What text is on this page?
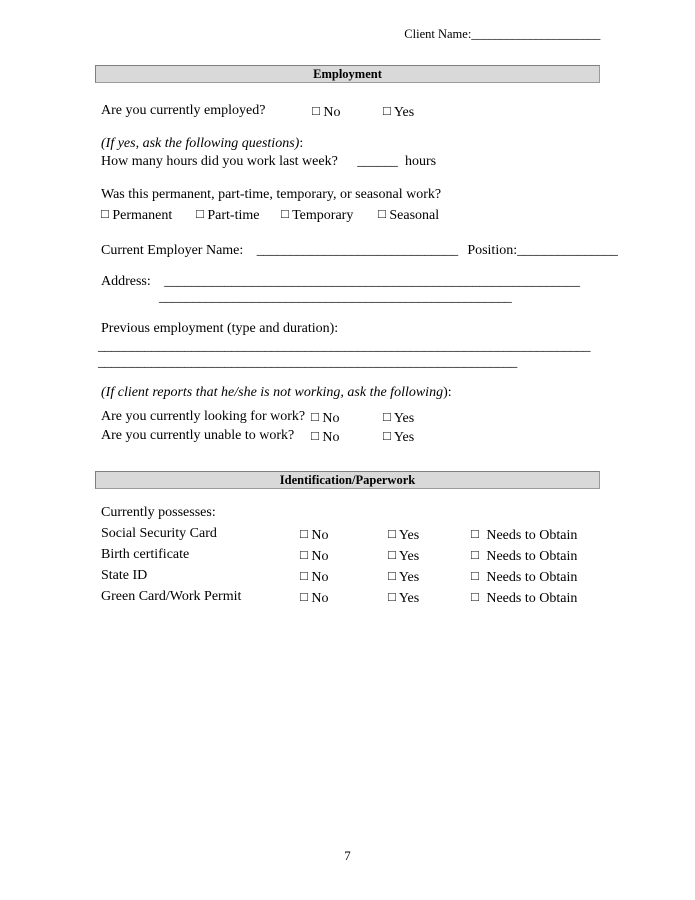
Client Name:______________________
Employment
Are you currently employed?	□ No	□ Yes
(If yes, ask the following questions):
How many hours did you work last week? ______ hours
Was this permanent, part-time, temporary, or seasonal work?
□ Permanent □ Part-time □ Temporary □ Seasonal
Current Employer Name: ______________________________ Position:_______________
Address: ______________________________________________________________
_____________________________________________________
Previous employment (type and duration):
__________________________________________________________________________
_______________________________________________________________
(If client reports that he/she is not working, ask the following):
Are you currently looking for work? □ No	□ Yes
Are you currently unable to work? □ No	□ Yes
Identification/Paperwork
Currently possesses:
Social Security Card	□ No	□ Yes	□ Needs to Obtain
Birth certificate	□ No	□ Yes	□ Needs to Obtain
State ID	□ No	□ Yes	□ Needs to Obtain
Green Card/Work Permit	□ No	□ Yes	□ Needs to Obtain
7
